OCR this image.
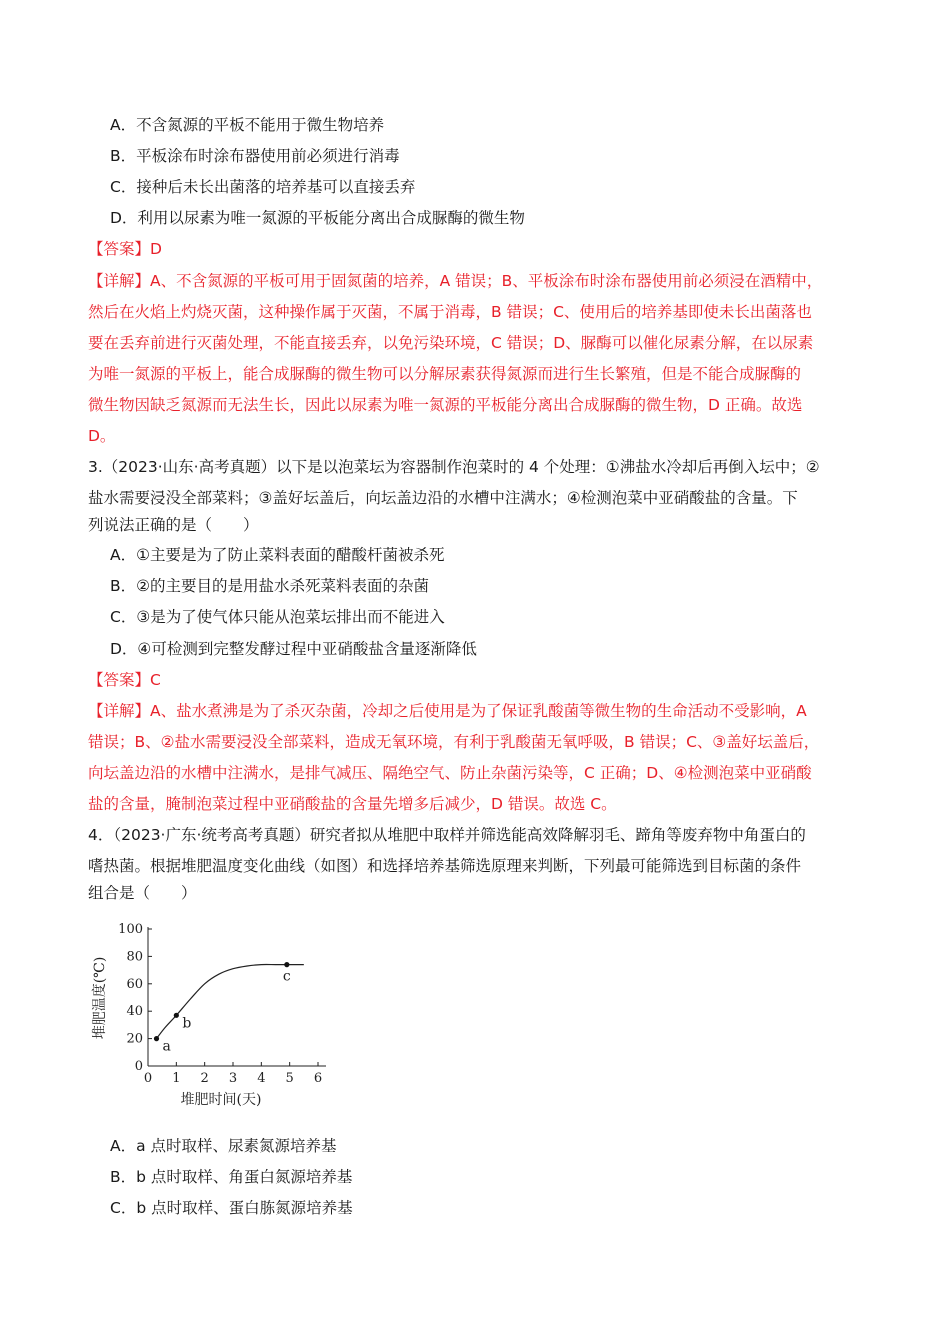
A．不含氮源的平板不能用于微生物培养
B．平板涂布时涂布器使用前必须进行消毒
C．接种后未长出菌落的培养基可以直接丢弃
D．利用以尿素为唯一氮源的平板能分离出合成脲酶的微生物
【答案】D
【详解】A、不含氮源的平板可用于固氮菌的培养，A 错误；B、平板涂布时涂布器使用前必须浸在酒精中，
然后在火焰上灼烧灭菌，这种操作属于灭菌，不属于消毒，B 错误；C、使用后的培养基即使未长出菌落也
要在丢弃前进行灭菌处理，不能直接丢弃，以免污染环境，C 错误；D、脲酶可以催化尿素分解，在以尿素
为唯一氮源的平板上，能合成脲酶的微生物可以分解尿素获得氮源而进行生长繁殖，但是不能合成脲酶的
微生物因缺乏氮源而无法生长，因此以尿素为唯一氮源的平板能分离出合成脲酶的微生物，D 正确。故选
D。
3.（2023·山东·高考真题）以下是以泡菜坛为容器制作泡菜时的 4 个处理：①沸盐水冷却后再倒入坛中；②
盐水需要浸没全部菜料；③盖好坛盖后，向坛盖边沿的水槽中注满水；④检测泡菜中亚硝酸盐的含量。下
列说法正确的是（　　）
A．①主要是为了防止菜料表面的醋酸杆菌被杀死
B．②的主要目的是用盐水杀死菜料表面的杂菌
C．③是为了使气体只能从泡菜坛排出而不能进入
D．④可检测到完整发酵过程中亚硝酸盐含量逐渐降低
【答案】C
【详解】A、盐水煮沸是为了杀灭杂菌，冷却之后使用是为了保证乳酸菌等微生物的生命活动不受影响，A
错误；B、②盐水需要浸没全部菜料，造成无氧环境，有利于乳酸菌无氧呼吸，B 错误；C、③盖好坛盖后，
向坛盖边沿的水槽中注满水，是排气减压、隔绝空气、防止杂菌污染等，C 正确；D、④检测泡菜中亚硝酸
盐的含量，腌制泡菜过程中亚硝酸盐的含量先增多后减少，D 错误。故选 C。
4．（2023·广东·统考高考真题）研究者拟从堆肥中取样并筛选能高效降解羽毛、蹄角等废弃物中角蛋白的
嗜热菌。根据堆肥温度变化曲线（如图）和选择培养基筛选原理来判断，下列最可能筛选到目标菌的条件
组合是（　　）
堆肥温度(℃)
堆肥时间(天)
0 1 2 3 4 5 6
0
20
40
60
80
100
a
b
c
A．a 点时取样、尿素氮源培养基
B．b 点时取样、角蛋白氮源培养基
C．b 点时取样、蛋白胨氮源培养基
